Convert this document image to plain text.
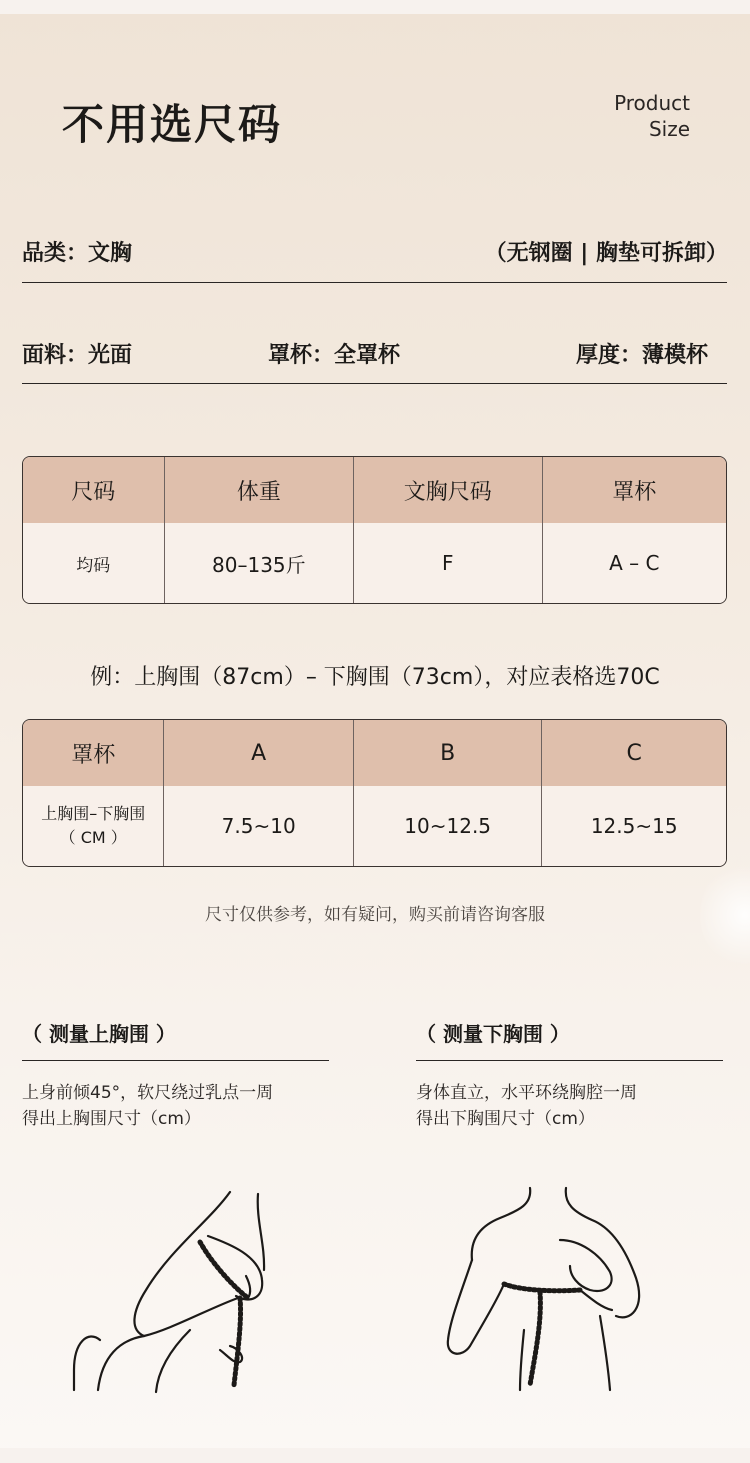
不用选尺码	Product
Size
品类：文胸	（无钢圈 | 胸垫可拆卸）
面料：光面	罩杯：全罩杯	厚度：薄模杯
尺码	体重	文胸尺码	罩杯
均码	80–135斤	F	A – C
例：上胸围（87cm）– 下胸围（73cm），对应表格选70C
罩杯	A	B	C

上胸围–下胸围
（ CM ）	7.5~10	10~12.5	12.5~15
尺寸仅供参考，如有疑问，购买前请咨询客服
（ 测量上胸围 ）
上身前倾45°，软尺绕过乳点一周
得出上胸围尺寸（cm）
（ 测量下胸围 ）
身体直立，水平环绕胸腔一周
得出下胸围尺寸（cm）
